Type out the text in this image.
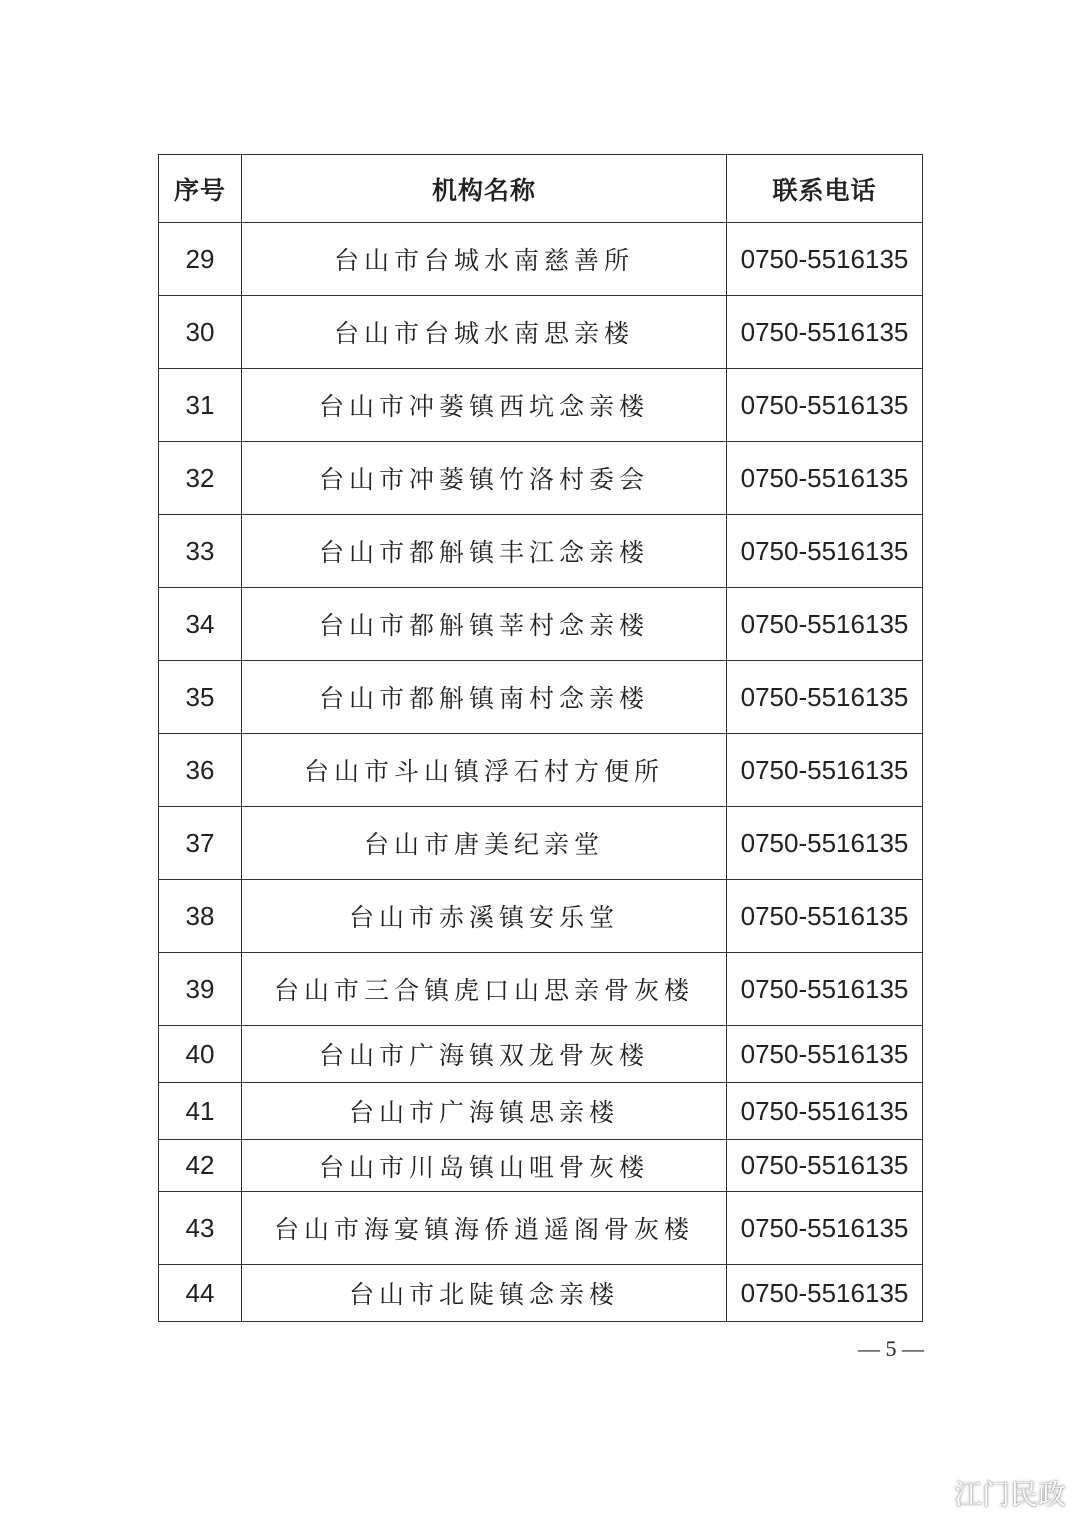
序号	机构名称	联系电话
29	台山市台城水南慈善所	0750-5516135
30	台山市台城水南思亲楼	0750-5516135
31	台山市冲蒌镇西坑念亲楼	0750-5516135
32	台山市冲蒌镇竹洛村委会	0750-5516135
33	台山市都斛镇丰江念亲楼	0750-5516135
34	台山市都斛镇莘村念亲楼	0750-5516135
35	台山市都斛镇南村念亲楼	0750-5516135
36	台山市斗山镇浮石村方便所	0750-5516135
37	台山市唐美纪亲堂	0750-5516135
38	台山市赤溪镇安乐堂	0750-5516135
39	台山市三合镇虎口山思亲骨灰楼	0750-5516135
40	台山市广海镇双龙骨灰楼	0750-5516135
41	台山市广海镇思亲楼	0750-5516135
42	台山市川岛镇山咀骨灰楼	0750-5516135
43	台山市海宴镇海侨逍遥阁骨灰楼	0750-5516135
44	台山市北陡镇念亲楼	0750-5516135
— 5 —
江门民政
